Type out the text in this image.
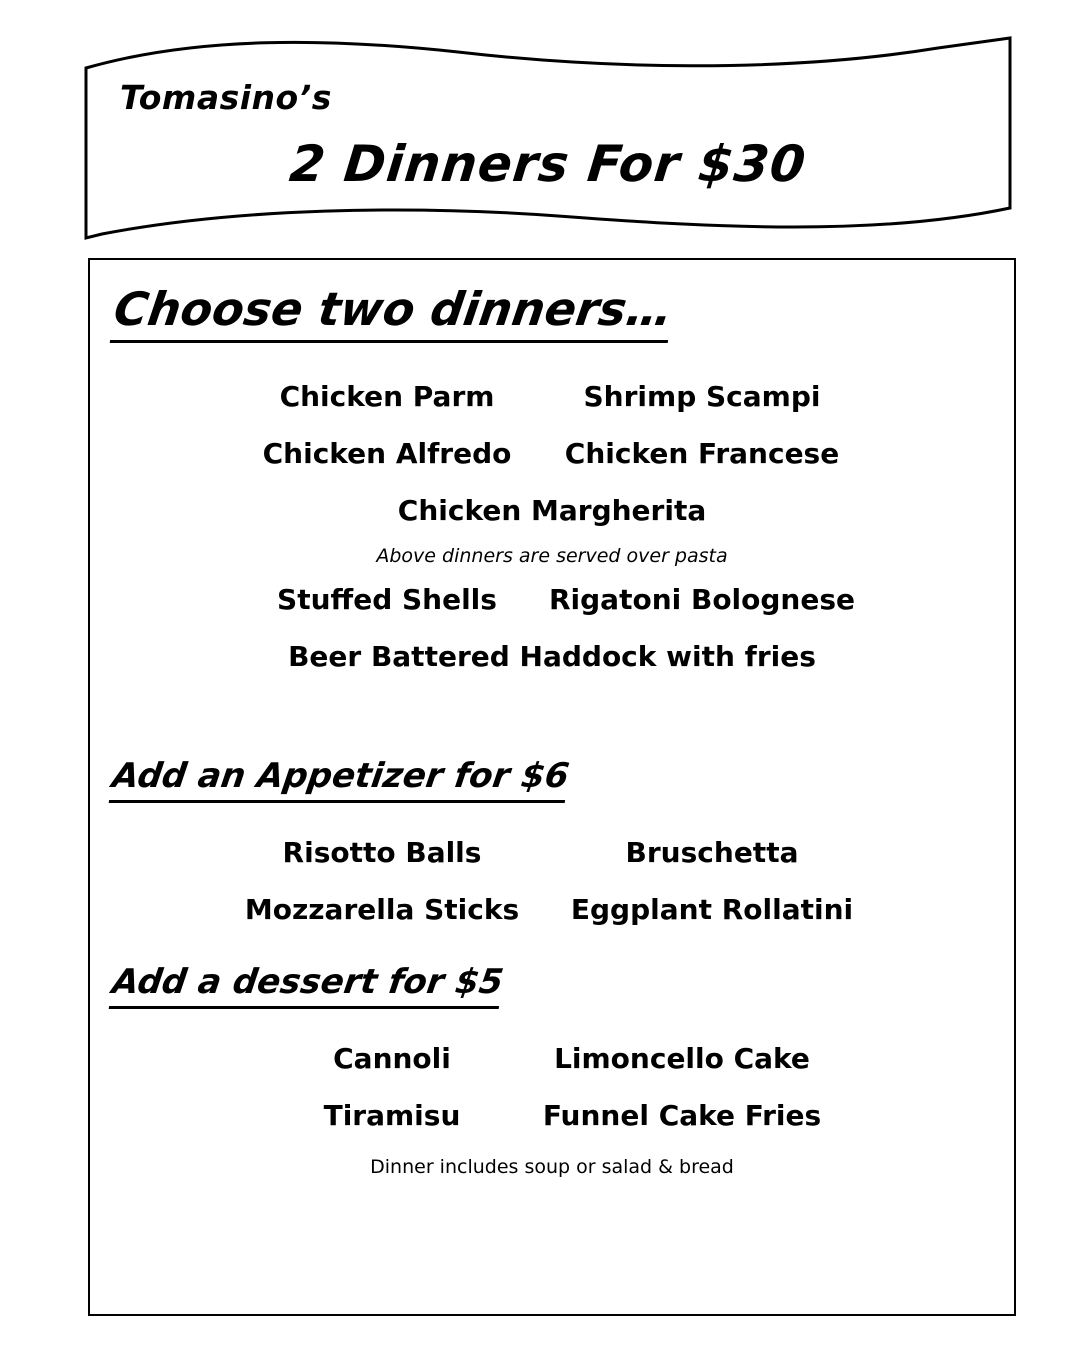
Tomasino’s
2 Dinners For $30
Choose two dinners…
Chicken Parm	Shrimp Scampi
Chicken Alfredo	Chicken Francese
Chicken Margherita
Above dinners are served over pasta
Stuffed Shells	Rigatoni Bolognese
Beer Battered Haddock with fries
Add an Appetizer for $6
Risotto Balls	Bruschetta
Mozzarella Sticks	Eggplant Rollatini
Add a dessert for $5
Cannoli	Limoncello Cake
Tiramisu	Funnel Cake Fries
Dinner includes soup or salad & bread
